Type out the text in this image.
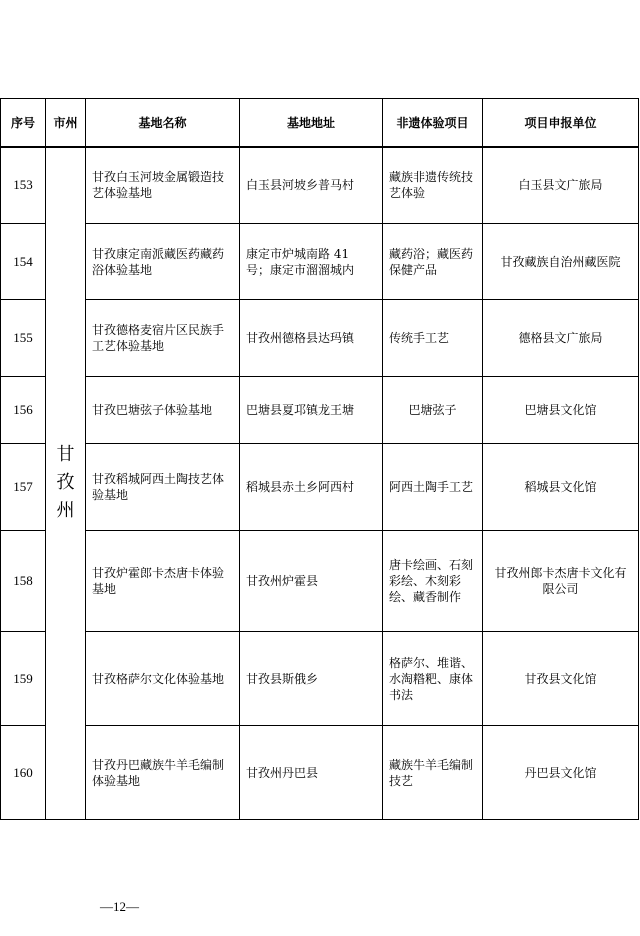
序号	市州	基地名称	基地地址	非遗体验项目	项目申报单位
153	甘孜州	甘孜白玉河坡金属锻造技艺体验基地	白玉县河坡乡普马村	藏族非遗传统技艺体验	白玉县文广旅局
154		甘孜康定南派藏医药藏药浴体验基地	康定市炉城南路 41 号；康定市溜溜城内	藏药浴；藏医药保健产品	甘孜藏族自治州藏医院
155		甘孜德格麦宿片区民族手工艺体验基地	甘孜州德格县达玛镇	传统手工艺	德格县文广旅局
156		甘孜巴塘弦子体验基地	巴塘县夏邛镇龙王塘	巴塘弦子	巴塘县文化馆
157		甘孜稻城阿西土陶技艺体验基地	稻城县赤土乡阿西村	阿西土陶手工艺	稻城县文化馆
158		甘孜炉霍郎卡杰唐卡体验基地	甘孜州炉霍县	唐卡绘画、石刻彩绘、木刻彩绘、藏香制作	甘孜州郎卡杰唐卡文化有限公司
159		甘孜格萨尔文化体验基地	甘孜县斯俄乡	格萨尔、堆谐、水淘糌粑、康体书法	甘孜县文化馆
160		甘孜丹巴藏族牛羊毛编制体验基地	甘孜州丹巴县	藏族牛羊毛编制技艺	丹巴县文化馆
—12—
